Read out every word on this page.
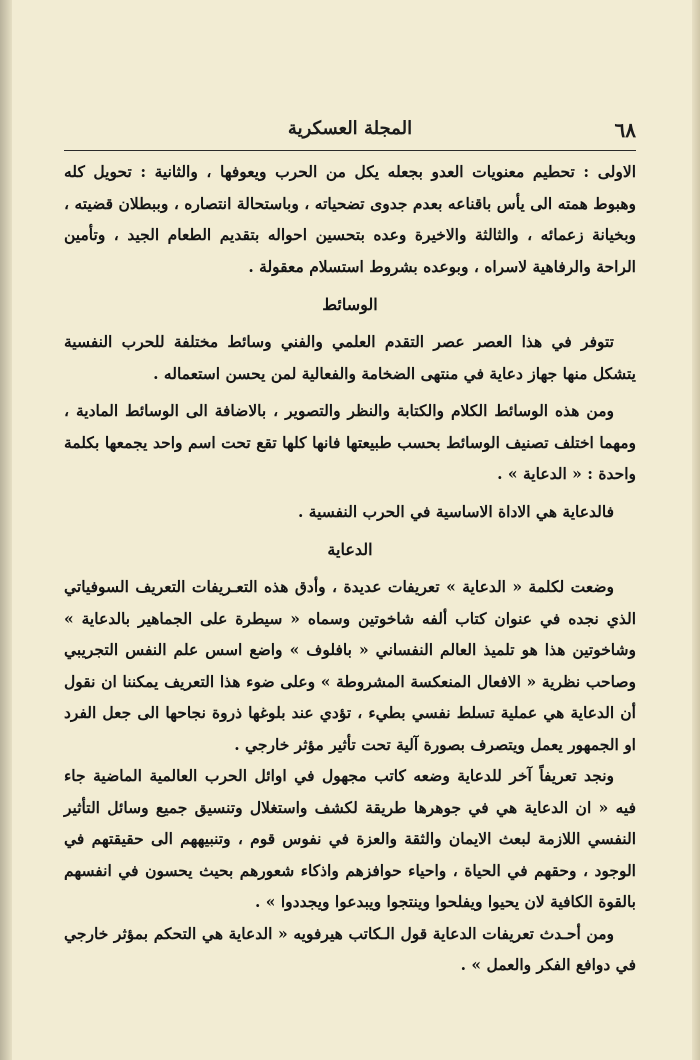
٦٨
المجلة العسكرية

الاولى : تحطيم معنويات العدو بجعله يكل من الحرب ويعوفها ، والثانية : تحويل كله وهبوط همته الى يأس باقناعه بعدم جدوى تضحياته ، وباستحالة انتصاره ، وببطلان قضيته ، وبخيانة زعمائه ، والثالثة والاخيرة وعده بتحسين احواله بتقديم الطعام الجيد ، وتأمين الراحة والرفاهية لاسراه ، وبوعده بشروط استسلام معقولة .

الوسائط

تتوفر في هذا العصر عصر التقدم العلمي والفني وسائط مختلفة للحرب النفسية يتشكل منها جهاز دعاية في منتهى الضخامة والفعالية لمن يحسن استعماله .

ومن هذه الوسائط الكلام والكتابة والنظر والتصوير ، بالاضافة الى الوسائط المادية ، ومهما اختلف تصنيف الوسائط بحسب طبيعتها فانها كلها تقع تحت اسم واحد يجمعها بكلمة واحدة : « الدعاية » .

فالدعاية هي الاداة الاساسية في الحرب النفسية .

الدعاية

وضعت لكلمة « الدعاية » تعريفات عديدة ، وأدق هذه التعـريفات التعريف السوفياتي الذي نجده في عنوان كتاب ألفه شاخوتين وسماه « سيطرة على الجماهير بالدعاية » وشاخوتين هذا هو تلميذ العالم النفساني « بافلوف » واضع اسس علم النفس التجريبي وصاحب نظرية « الافعال المنعكسة المشروطة » وعلى ضوء هذا التعريف يمكننا ان نقول أن الدعاية هي عملية تسلط نفسي بطيء ، تؤدي عند بلوغها ذروة نجاحها الى جعل الفرد او الجمهور يعمل ويتصرف بصورة آلية تحت تأثير مؤثر خارجي .

ونجد تعريفاً آخر للدعاية وضعه كاتب مجهول في اوائل الحرب العالمية الماضية جاء فيه « ان الدعاية هي في جوهرها طريقة لكشف واستغلال وتنسيق جميع وسائل التأثير النفسي اللازمة لبعث الايمان والثقة والعزة في نفوس قوم ، وتنبيههم الى حقيقتهم في الوجود ، وحقهم في الحياة ، واحياء حوافزهم واذكاء شعورهم بحيث يحسون في انفسهم بالقوة الكافية لان يحيوا ويفلحوا وينتجوا ويبدعوا ويجددوا » .

ومن أحـدث تعريفات الدعاية قول الـكاتب هيرفويه « الدعاية هي التحكم بمؤثر خارجي في دوافع الفكر والعمل » .
